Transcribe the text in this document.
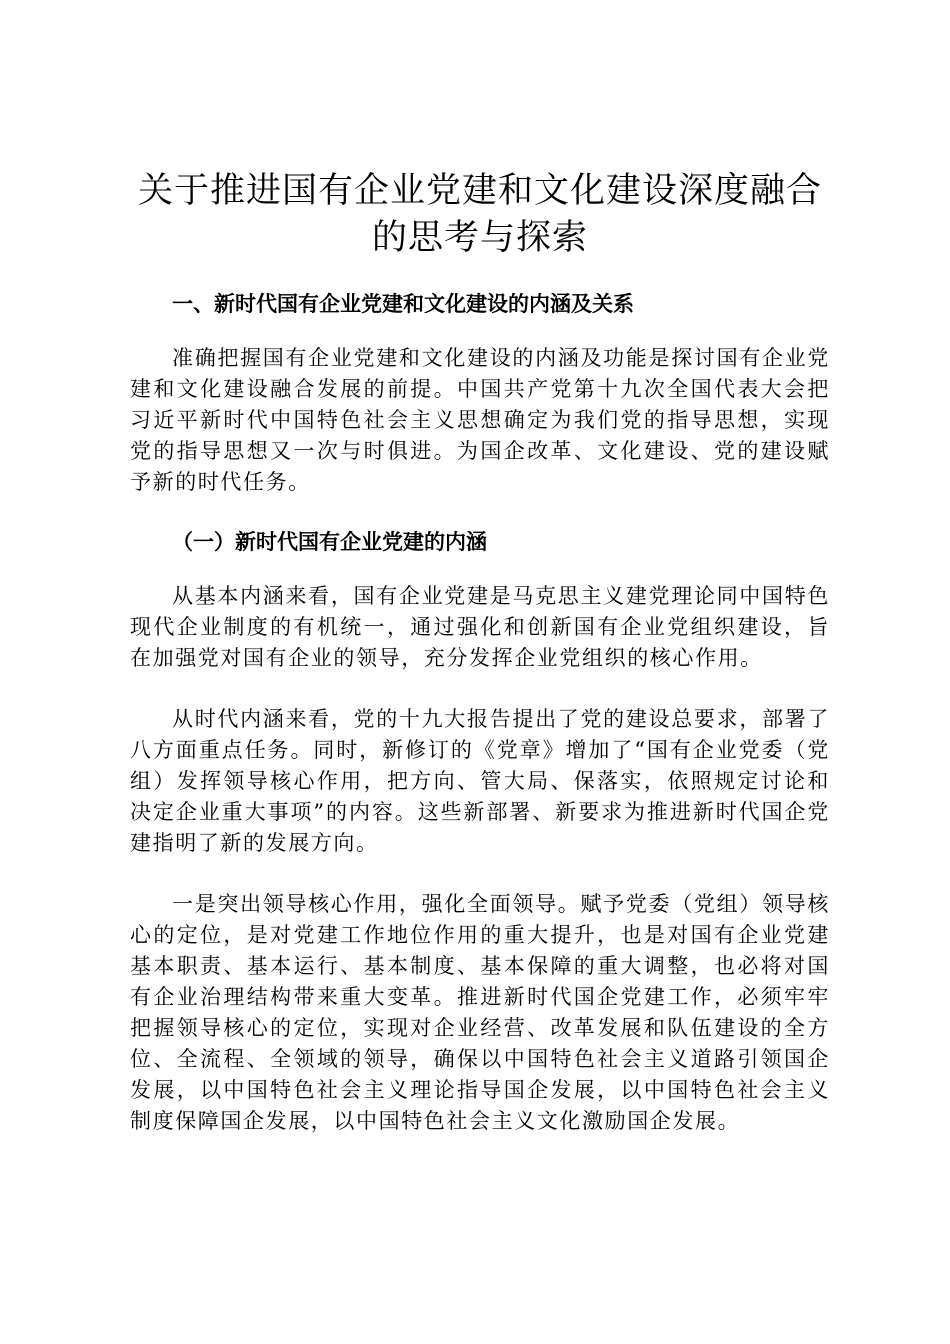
关于推进国有企业党建和文化建设深度融合的思考与探索
一、新时代国有企业党建和文化建设的内涵及关系

准确把握国有企业党建和文化建设的内涵及功能是探讨国有企业党建和文化建设融合发展的前提。中国共产党第十九次全国代表大会把习近平新时代中国特色社会主义思想确定为我们党的指导思想，实现党的指导思想又一次与时俱进。为国企改革、文化建设、党的建设赋予新的时代任务。

（一）新时代国有企业党建的内涵

从基本内涵来看，国有企业党建是马克思主义建党理论同中国特色现代企业制度的有机统一，通过强化和创新国有企业党组织建设，旨在加强党对国有企业的领导，充分发挥企业党组织的核心作用。

从时代内涵来看，党的十九大报告提出了党的建设总要求，部署了八方面重点任务。同时，新修订的《党章》增加了“国有企业党委（党组）发挥领导核心作用，把方向、管大局、保落实，依照规定讨论和决定企业重大事项”的内容。这些新部署、新要求为推进新时代国企党建指明了新的发展方向。

一是突出领导核心作用，强化全面领导。赋予党委（党组）领导核心的定位，是对党建工作地位作用的重大提升，也是对国有企业党建基本职责、基本运行、基本制度、基本保障的重大调整，也必将对国有企业治理结构带来重大变革。推进新时代国企党建工作，必须牢牢把握领导核心的定位，实现对企业经营、改革发展和队伍建设的全方位、全流程、全领域的领导，确保以中国特色社会主义道路引领国企发展，以中国特色社会主义理论指导国企发展，以中国特色社会主义制度保障国企发展，以中国特色社会主义文化激励国企发展。
